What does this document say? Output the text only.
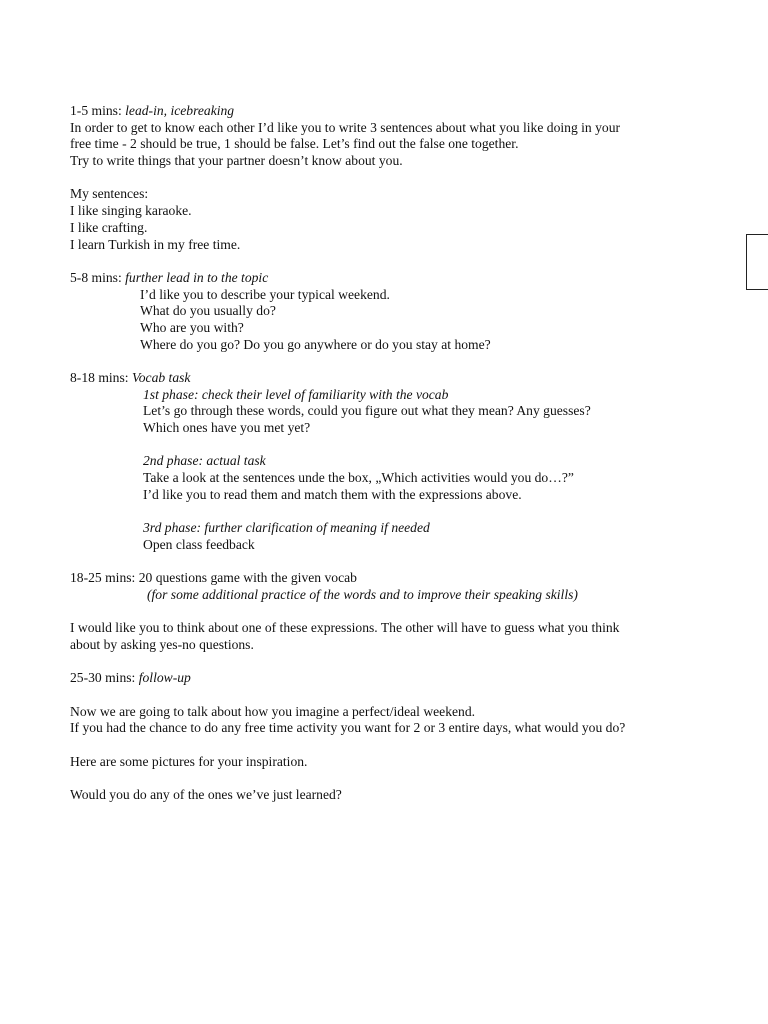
1-5 mins: lead-in, icebreaking
In order to get to know each other I’d like you to write 3 sentences about what you like doing in your
free time - 2 should be true, 1 should be false. Let’s find out the false one together.
Try to write things that your partner doesn’t know about you.
My sentences:
I like singing karaoke.
I like crafting.
I learn Turkish in my free time.
5-8 mins: further lead in to the topic
I’d like you to describe your typical weekend.
What do you usually do?
Who are you with?
Where do you go? Do you go anywhere or do you stay at home?
8-18 mins: Vocab task
1st phase: check their level of familiarity with the vocab
Let’s go through these words, could you figure out what they mean? Any guesses?
Which ones have you met yet?
2nd phase: actual task
Take a look at the sentences unde the box, „Which activities would you do…?”
I’d like you to read them and match them with the expressions above.
3rd phase: further clarification of meaning if needed
Open class feedback
18-25 mins: 20 questions game with the given vocab
(for some additional practice of the words and to improve their speaking skills)
I would like you to think about one of these expressions. The other will have to guess what you think
about by asking yes-no questions.
25-30 mins: follow-up
Now we are going to talk about how you imagine a perfect/ideal weekend.
If you had the chance to do any free time activity you want for 2 or 3 entire days, what would you do?
Here are some pictures for your inspiration.
Would you do any of the ones we’ve just learned?
